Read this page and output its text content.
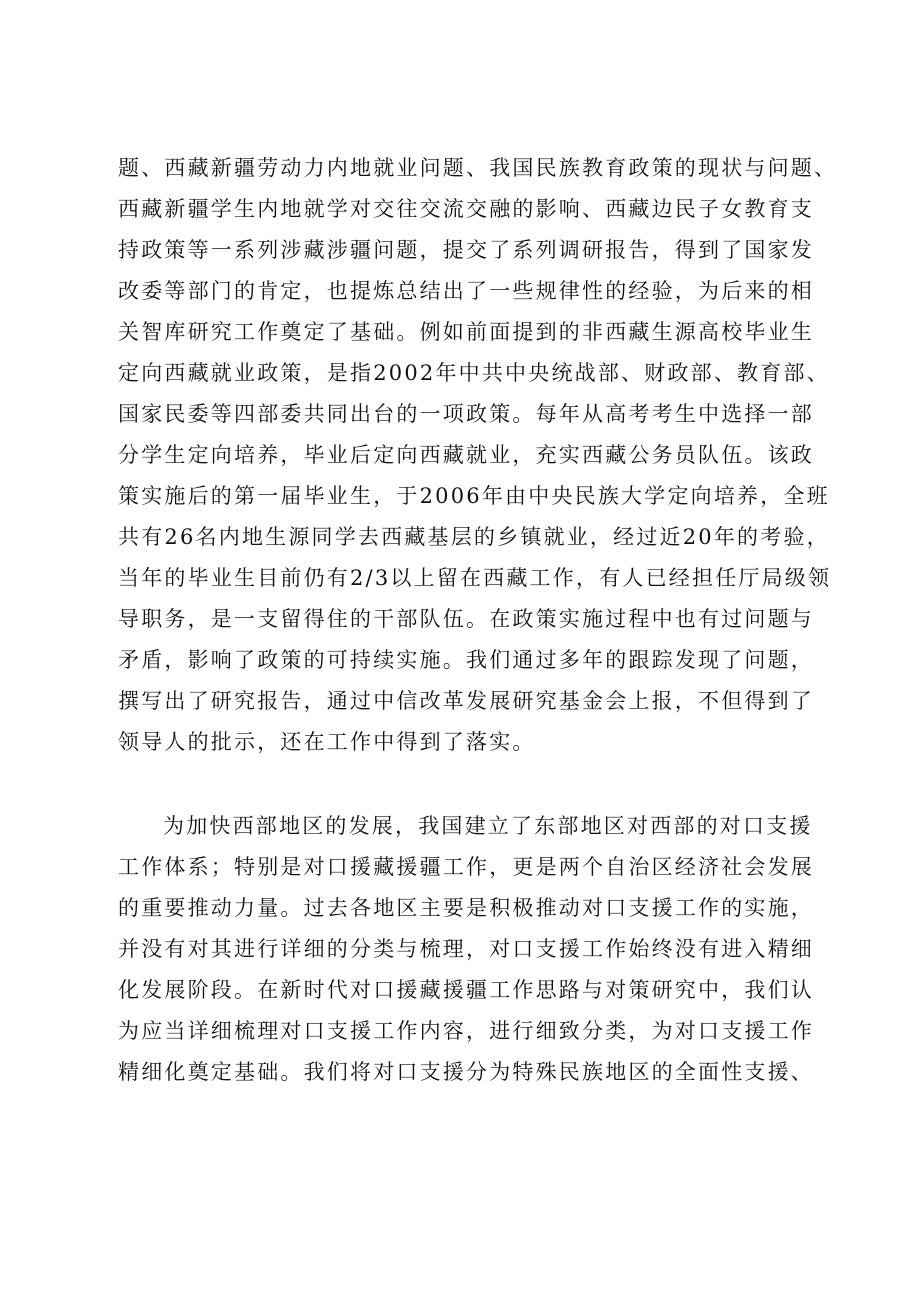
题、西藏新疆劳动力内地就业问题、我国民族教育政策的现状与问题、
西藏新疆学生内地就学对交往交流交融的影响、西藏边民子女教育支
持政策等一系列涉藏涉疆问题，提交了系列调研报告，得到了国家发
改委等部门的肯定，也提炼总结出了一些规律性的经验，为后来的相
关智库研究工作奠定了基础。例如前面提到的非西藏生源高校毕业生
定向西藏就业政策，是指2002年中共中央统战部、财政部、教育部、
国家民委等四部委共同出台的一项政策。每年从高考考生中选择一部
分学生定向培养，毕业后定向西藏就业，充实西藏公务员队伍。该政
策实施后的第一届毕业生，于2006年由中央民族大学定向培养，全班
共有26名内地生源同学去西藏基层的乡镇就业，经过近20年的考验，
当年的毕业生目前仍有2/3以上留在西藏工作，有人已经担任厅局级领
导职务，是一支留得住的干部队伍。在政策实施过程中也有过问题与
矛盾，影响了政策的可持续实施。我们通过多年的跟踪发现了问题，
撰写出了研究报告，通过中信改革发展研究基金会上报，不但得到了
领导人的批示，还在工作中得到了落实。
为加快西部地区的发展，我国建立了东部地区对西部的对口支援
工作体系；特别是对口援藏援疆工作，更是两个自治区经济社会发展
的重要推动力量。过去各地区主要是积极推动对口支援工作的实施，
并没有对其进行详细的分类与梳理，对口支援工作始终没有进入精细
化发展阶段。在新时代对口援藏援疆工作思路与对策研究中，我们认
为应当详细梳理对口支援工作内容，进行细致分类，为对口支援工作
精细化奠定基础。我们将对口支援分为特殊民族地区的全面性支援、
